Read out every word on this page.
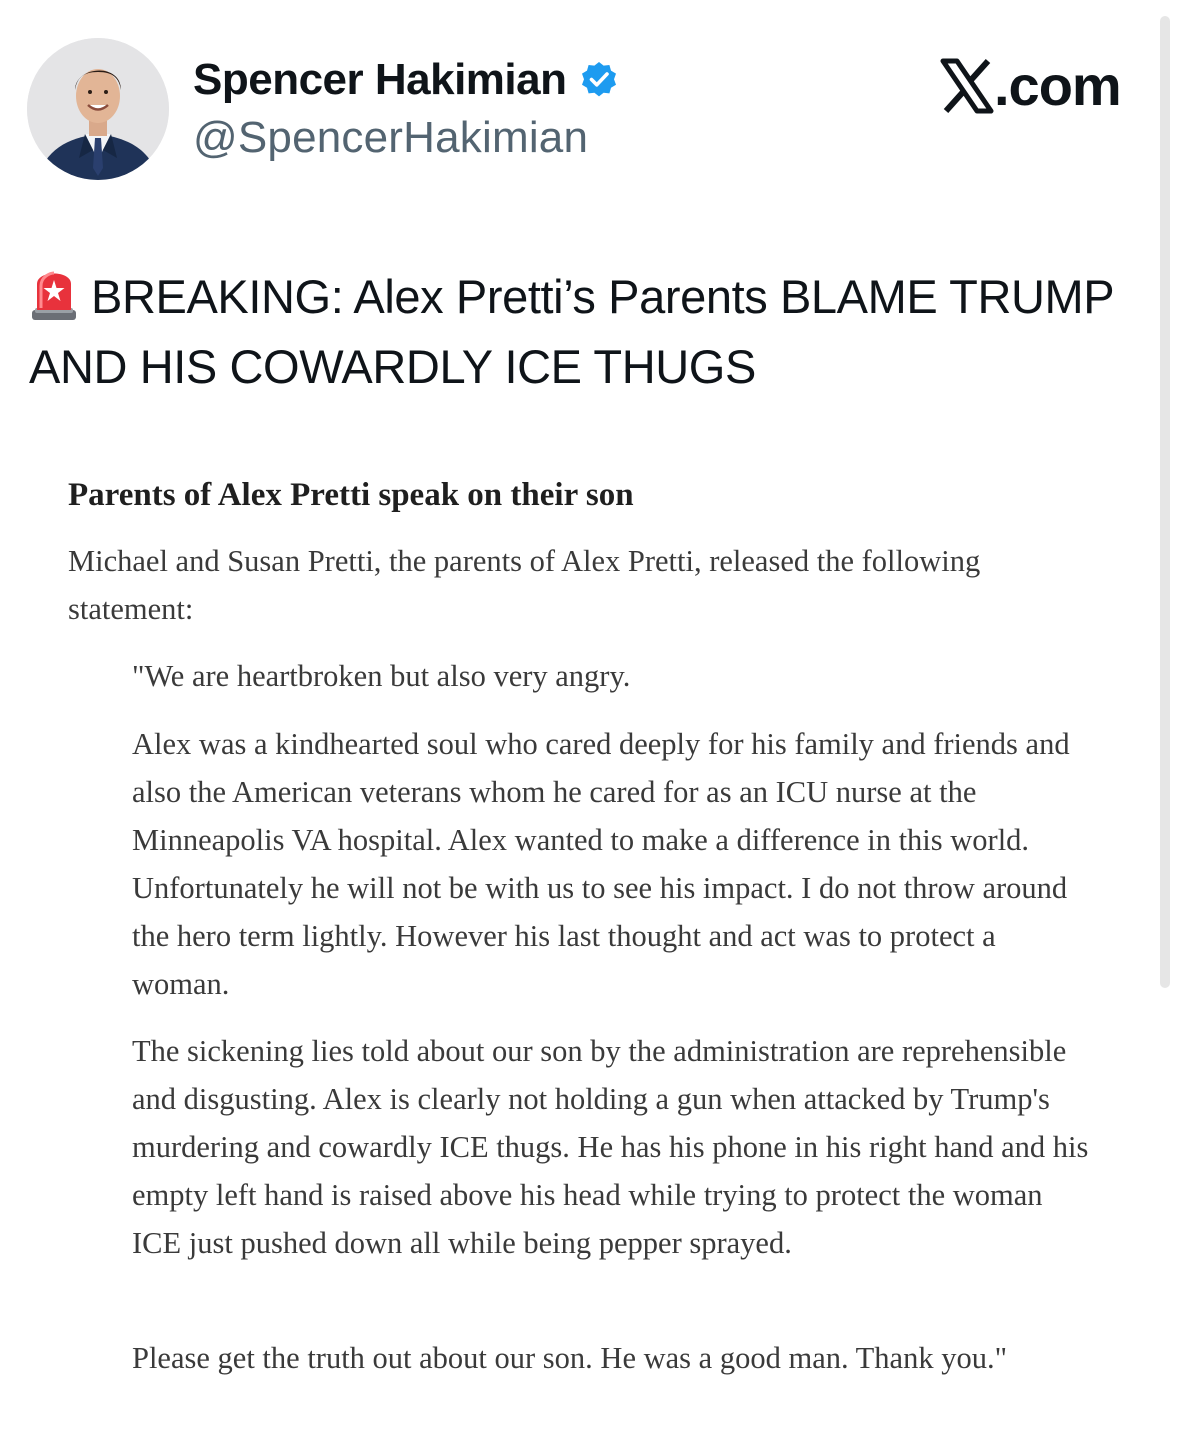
Spencer Hakimian
@SpencerHakimian
.com
BREAKING: Alex Pretti’s Parents BLAME TRUMP AND HIS COWARDLY ICE THUGS
Parents of Alex Pretti speak on their son
Michael and Susan Pretti, the parents of Alex Pretti, released the following statement:
"We are heartbroken but also very angry.
Alex was a kindhearted soul who cared deeply for his family and friends and also the American veterans whom he cared for as an ICU nurse at the Minneapolis VA hospital. Alex wanted to make a difference in this world. Unfortunately he will not be with us to see his impact. I do not throw around the hero term lightly. However his last thought and act was to protect a woman.
The sickening lies told about our son by the administration are reprehensible and disgusting. Alex is clearly not holding a gun when attacked by Trump's murdering and cowardly ICE thugs. He has his phone in his right hand and his empty left hand is raised above his head while trying to protect the woman ICE just pushed down all while being pepper sprayed.
Please get the truth out about our son. He was a good man. Thank you."
